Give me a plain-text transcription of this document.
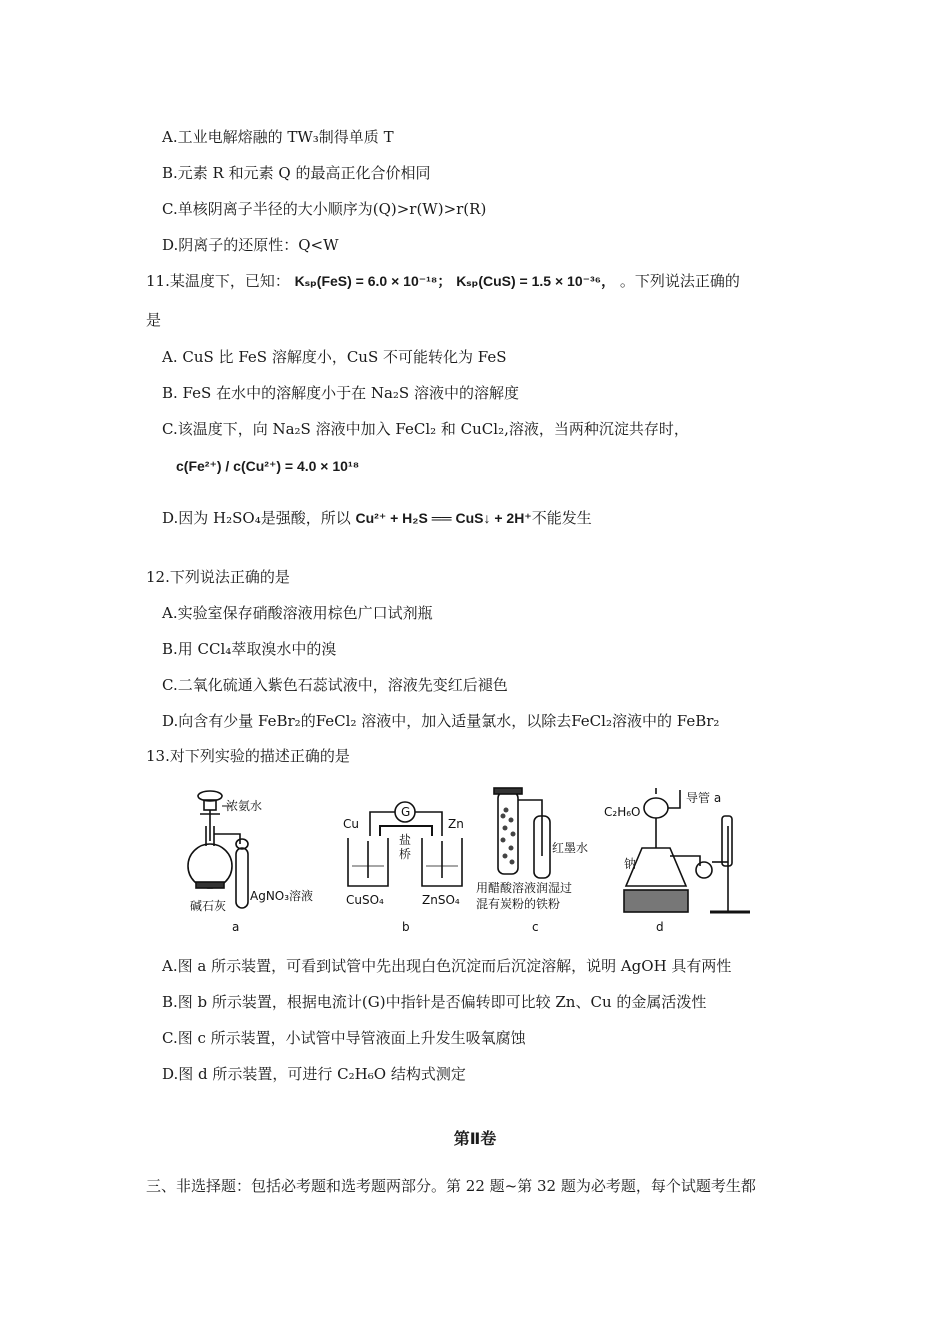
A.工业电解熔融的 TW₃制得单质 T
B.元素 R 和元素 Q 的最高正化合价相同
C.单核阴离子半径的大小顺序为(Q)>r(W)>r(R)
D.阴离子的还原性：Q<W
11.某温度下，已知： Kₛₚ(FeS) = 6.0 × 10⁻¹⁸； Kₛₚ(CuS) = 1.5 × 10⁻³⁶， 。下列说法正确的
是
A. CuS 比 FeS 溶解度小，CuS 不可能转化为 FeS
B. FeS 在水中的溶解度小于在 Na₂S 溶液中的溶解度
C.该温度下，向 Na₂S 溶液中加入 FeCl₂ 和 CuCl₂,溶液，当两种沉淀共存时，
c(Fe²⁺) / c(Cu²⁺) = 4.0 × 10¹⁸
D.因为 H₂SO₄是强酸，所以 Cu²⁺ + H₂S ══ CuS↓ + 2H⁺不能发生
12.下列说法正确的是
A.实验室保存硝酸溶液用棕色广口试剂瓶
B.用 CCl₄萃取溴水中的溴
C.二氧化硫通入紫色石蕊试液中，溶液先变红后褪色
D.向含有少量 FeBr₂的FeCl₂ 溶液中，加入适量氯水，以除去FeCl₂溶液中的 FeBr₂
13.对下列实验的描述正确的是
浓氨水
碱石灰
AgNO₃溶液
a
G
Cu	Zn
盐
桥
CuSO₄	ZnSO₄
b
红墨水
用醋酸溶液润湿过
混有炭粉的铁粉
c
C₂H₆O
导管 a
钠
d
A.图 a 所示装置，可看到试管中先出现白色沉淀而后沉淀溶解，说明 AgOH 具有两性
B.图 b 所示装置，根据电流计(G)中指针是否偏转即可比较 Zn、Cu 的金属活泼性
C.图 c 所示装置，小试管中导管液面上升发生吸氧腐蚀
D.图 d 所示装置，可进行 C₂H₆O 结构式测定
第Ⅱ卷
三、非选择题：包括必考题和选考题两部分。第 22 题~第 32 题为必考题，每个试题考生都
